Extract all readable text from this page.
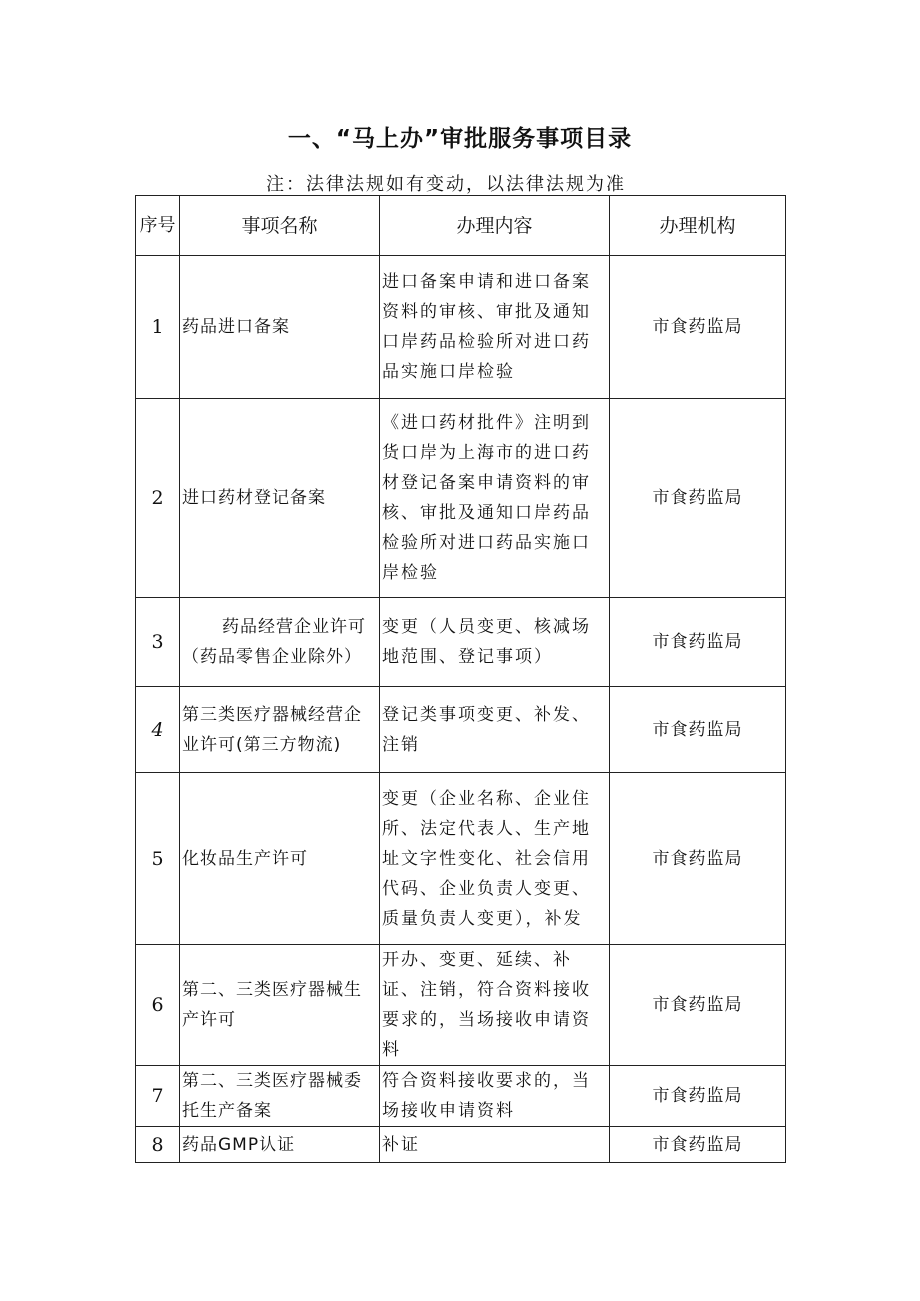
一、“马上办”审批服务事项目录
注：法律法规如有变动，以法律法规为准
序号	事项名称	办理内容	办理机构
1	药品进口备案	进口备案申请和进口备案资料的审核、审批及通知口岸药品检验所对进口药品实施口岸检验	市食药监局
2	进口药材登记备案	《进口药材批件》注明到货口岸为上海市的进口药材登记备案申请资料的审核、审批及通知口岸药品检验所对进口药品实施口岸检验	市食药监局
3	药品经营企业许可（药品零售企业除外）	变更（人员变更、核减场地范围、登记事项）	市食药监局
4	第三类医疗器械经营企业许可(第三方物流)	登记类事项变更、补发、注销	市食药监局
5	化妆品生产许可	变更（企业名称、企业住所、法定代表人、生产地址文字性变化、社会信用代码、企业负责人变更、质量负责人变更），补发	市食药监局
6	第二、三类医疗器械生产许可	开办、变更、延续、补证、注销，符合资料接收要求的，当场接收申请资料	市食药监局
7	第二、三类医疗器械委托生产备案	符合资料接收要求的，当场接收申请资料	市食药监局
8	药品GMP认证	补证	市食药监局
